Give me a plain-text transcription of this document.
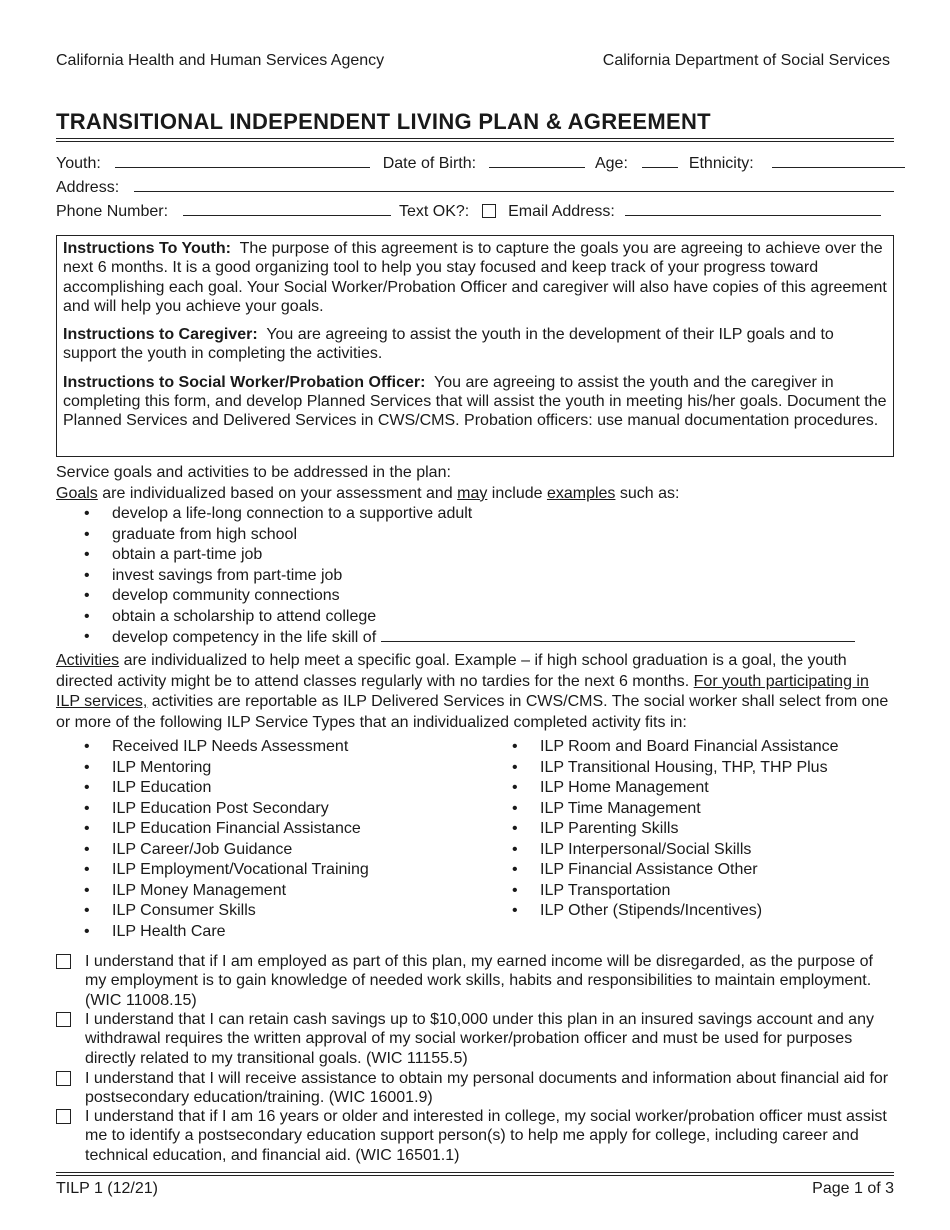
California Health and Human Services Agency	California Department of Social Services
TRANSITIONAL INDEPENDENT LIVING PLAN & AGREEMENT
Youth:	Date of Birth:	Age:	Ethnicity:
Address:
Phone Number:	Text OK?: Email Address:

Instructions To Youth: The purpose of this agreement is to capture the goals you are agreeing to achieve over the next 6 months. It is a good organizing tool to help you stay focused and keep track of your progress toward accomplishing each goal. Your Social Worker/Probation Officer and caregiver will also have copies of this agreement and will help you achieve your goals.

Instructions to Caregiver: You are agreeing to assist the youth in the development of their ILP goals and to support the youth in completing the activities.

Instructions to Social Worker/Probation Officer: You are agreeing to assist the youth and the caregiver in completing this form, and develop Planned Services that will assist the youth in meeting his/her goals. Document the Planned Services and Delivered Services in CWS/CMS. Probation officers: use manual documentation procedures.

Service goals and activities to be addressed in the plan:
Goals are individualized based on your assessment and may include examples such as:
• develop a life-long connection to a supportive adult
• graduate from high school
• obtain a part-time job
• invest savings from part-time job
• develop community connections
• obtain a scholarship to attend college
• develop competency in the life skill of
Activities are individualized to help meet a specific goal. Example – if high school graduation is a goal, the youth directed activity might be to attend classes regularly with no tardies for the next 6 months. For youth participating in ILP services, activities are reportable as ILP Delivered Services in CWS/CMS. The social worker shall select from one or more of the following ILP Service Types that an individualized completed activity fits in:
• Received ILP Needs Assessment
• ILP Mentoring
• ILP Education
• ILP Education Post Secondary
• ILP Education Financial Assistance
• ILP Career/Job Guidance
• ILP Employment/Vocational Training
• ILP Money Management
• ILP Consumer Skills
• ILP Health Care
• ILP Room and Board Financial Assistance
• ILP Transitional Housing, THP, THP Plus
• ILP Home Management
• ILP Time Management
• ILP Parenting Skills
• ILP Interpersonal/Social Skills
• ILP Financial Assistance Other
• ILP Transportation
• ILP Other (Stipends/Incentives)
I understand that if I am employed as part of this plan, my earned income will be disregarded, as the purpose of my employment is to gain knowledge of needed work skills, habits and responsibilities to maintain employment. (WIC 11008.15)
I understand that I can retain cash savings up to $10,000 under this plan in an insured savings account and any withdrawal requires the written approval of my social worker/probation officer and must be used for purposes directly related to my transitional goals. (WIC 11155.5)
I understand that I will receive assistance to obtain my personal documents and information about financial aid for postsecondary education/training. (WIC 16001.9)
I understand that if I am 16 years or older and interested in college, my social worker/probation officer must assist me to identify a postsecondary education support person(s) to help me apply for college, including career and technical education, and financial aid. (WIC 16501.1)
TILP 1 (12/21)	Page 1 of 3
